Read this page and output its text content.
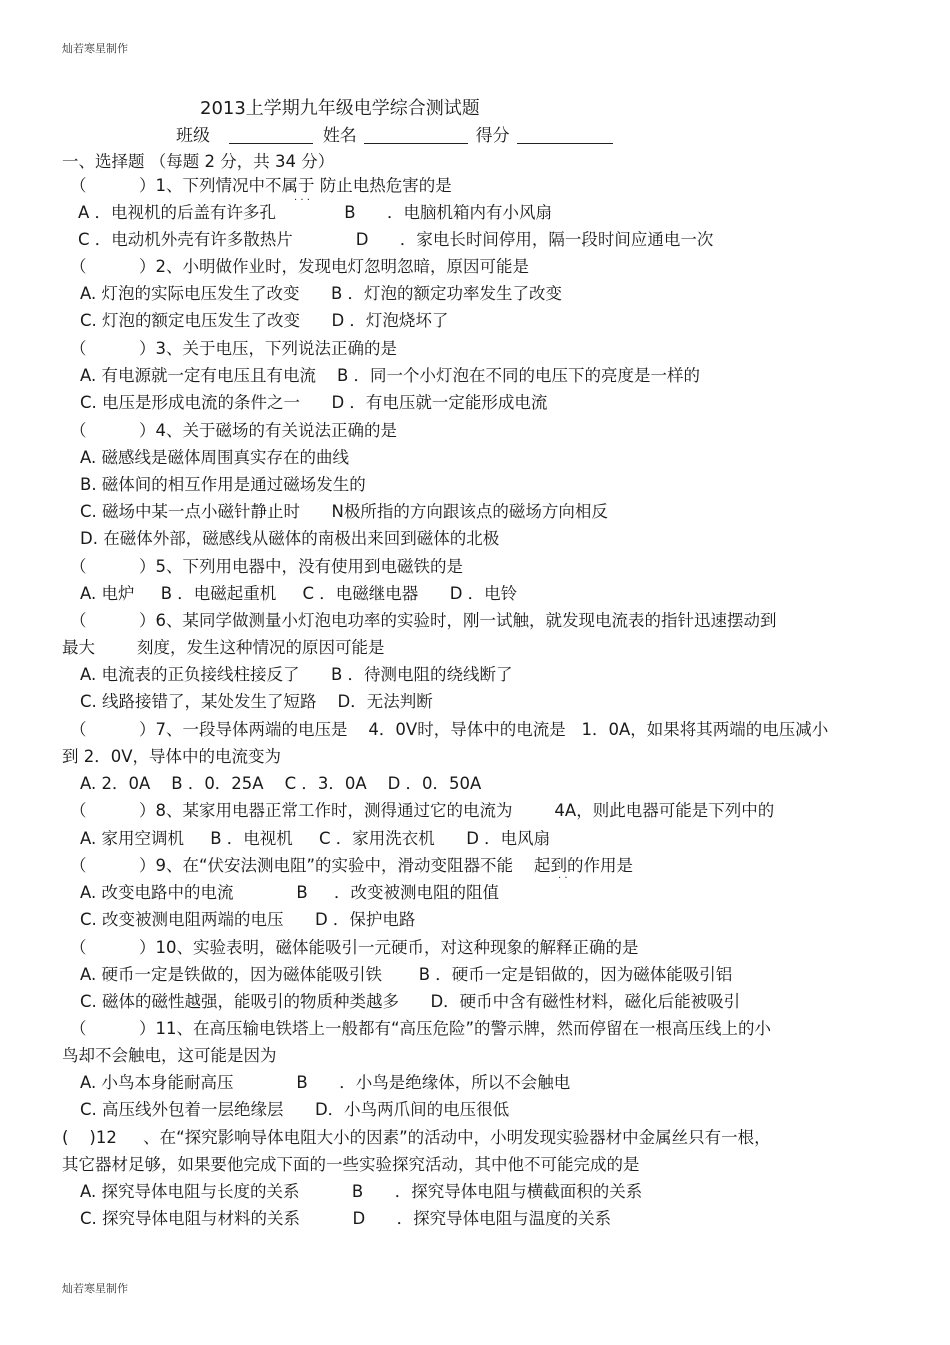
灿若寒星制作
灿若寒星制作
2013上学期九年级电学综合测试题
班级	姓名	得分
一、选择题 （每题 2 分，共 34 分）
（          ）1、下列情况中不属于 防止电热危害的是
· · ·
A ．电视机的后盖有许多孔             B      ．电脑机箱内有小风扇
C ．电动机外壳有许多散热片            D      ．家电长时间停用，隔一段时间应通电一次
（          ）2、小明做作业时，发现电灯忽明忽暗，原因可能是
A. 灯泡的实际电压发生了改变      B ．灯泡的额定功率发生了改变
C. 灯泡的额定电压发生了改变      D ．灯泡烧坏了
（          ）3、关于电压，下列说法正确的是
A. 有电源就一定有电压且有电流    B ．同一个小灯泡在不同的电压下的亮度是一样的
C. 电压是形成电流的条件之一      D ．有电压就一定能形成电流
（          ）4、关于磁场的有关说法正确的是
A. 磁感线是磁体周围真实存在的曲线
B. 磁体间的相互作用是通过磁场发生的
C. 磁场中某一点小磁针静止时      N极所指的方向跟该点的磁场方向相反
D. 在磁体外部，磁感线从磁体的南极出来回到磁体的北极
（          ）5、下列用电器中，没有使用到电磁铁的是
A. 电炉     B ．电磁起重机     C ．电磁继电器      D ．电铃
（          ）6、某同学做测量小灯泡电功率的实验时，刚一试触，就发现电流表的指针迅速摆动到
最大        刻度，发生这种情况的原因可能是
A. 电流表的正负接线柱接反了      B ．待测电阻的绕线断了
C. 线路接错了，某处发生了短路    D．无法判断
（          ）7、一段导体两端的电压是    4．0V时，导体中的电流是   1．0A，如果将其两端的电压减小
到 2．0V，导体中的电流变为
A. 2．0A    B ．0．25A    C ．3．0A    D ．0．50A
（          ）8、某家用电器正常工作时，测得通过它的电流为        4A，则此电器可能是下列中的
A. 家用空调机     B ．电视机     C ．家用洗衣机      D ．电风扇
（          ）9、在“伏安法测电阻”的实验中，滑动变阻器不能    起到的作用是
· ·
A. 改变电路中的电流            B     ．改变被测电阻的阻值
C. 改变被测电阻两端的电压      D ．保护电路
（          ）10、实验表明，磁体能吸引一元硬币，对这种现象的解释正确的是
A. 硬币一定是铁做的，因为磁体能吸引铁       B ．硬币一定是铝做的，因为磁体能吸引铝
C. 磁体的磁性越强，能吸引的物质种类越多      D．硬币中含有磁性材料，磁化后能被吸引
（          ）11、在高压输电铁塔上一般都有“高压危险”的警示牌，然而停留在一根高压线上的小
鸟却不会触电，这可能是因为
A. 小鸟本身能耐高压            B      ．小鸟是绝缘体，所以不会触电
C. 高压线外包着一层绝缘层      D．小鸟两爪间的电压很低
(    )12     、在“探究影响导体电阻大小的因素”的活动中，小明发现实验器材中金属丝只有一根，
其它器材足够，如果要他完成下面的一些实验探究活动，其中他不可能完成的是
A. 探究导体电阻与长度的关系          B      ．探究导体电阻与横截面积的关系
C. 探究导体电阻与材料的关系          D      ．探究导体电阻与温度的关系
